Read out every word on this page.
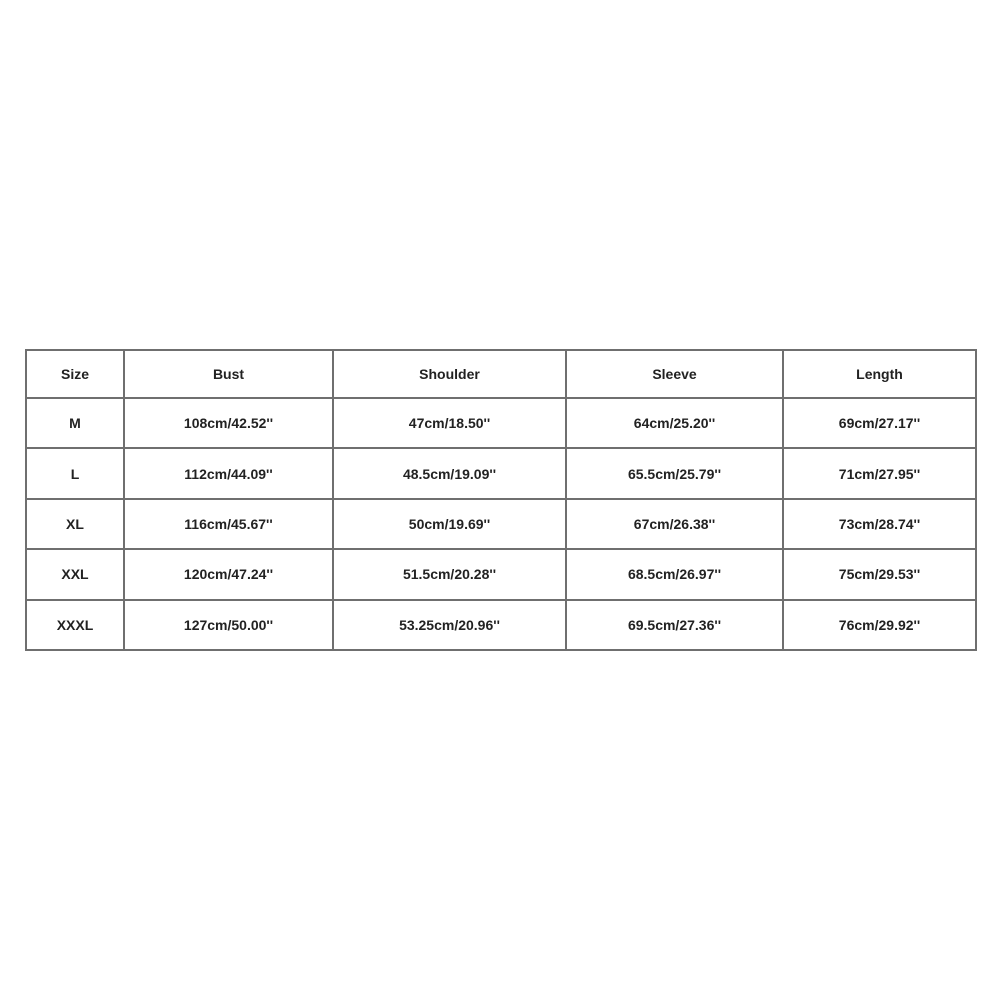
Size	Bust	Shoulder	Sleeve	Length
M	108cm/42.52''	47cm/18.50''	64cm/25.20''	69cm/27.17''
L	112cm/44.09''	48.5cm/19.09''	65.5cm/25.79''	71cm/27.95''
XL	116cm/45.67''	50cm/19.69''	67cm/26.38''	73cm/28.74''
XXL	120cm/47.24''	51.5cm/20.28''	68.5cm/26.97''	75cm/29.53''
XXXL	127cm/50.00''	53.25cm/20.96''	69.5cm/27.36''	76cm/29.92''
